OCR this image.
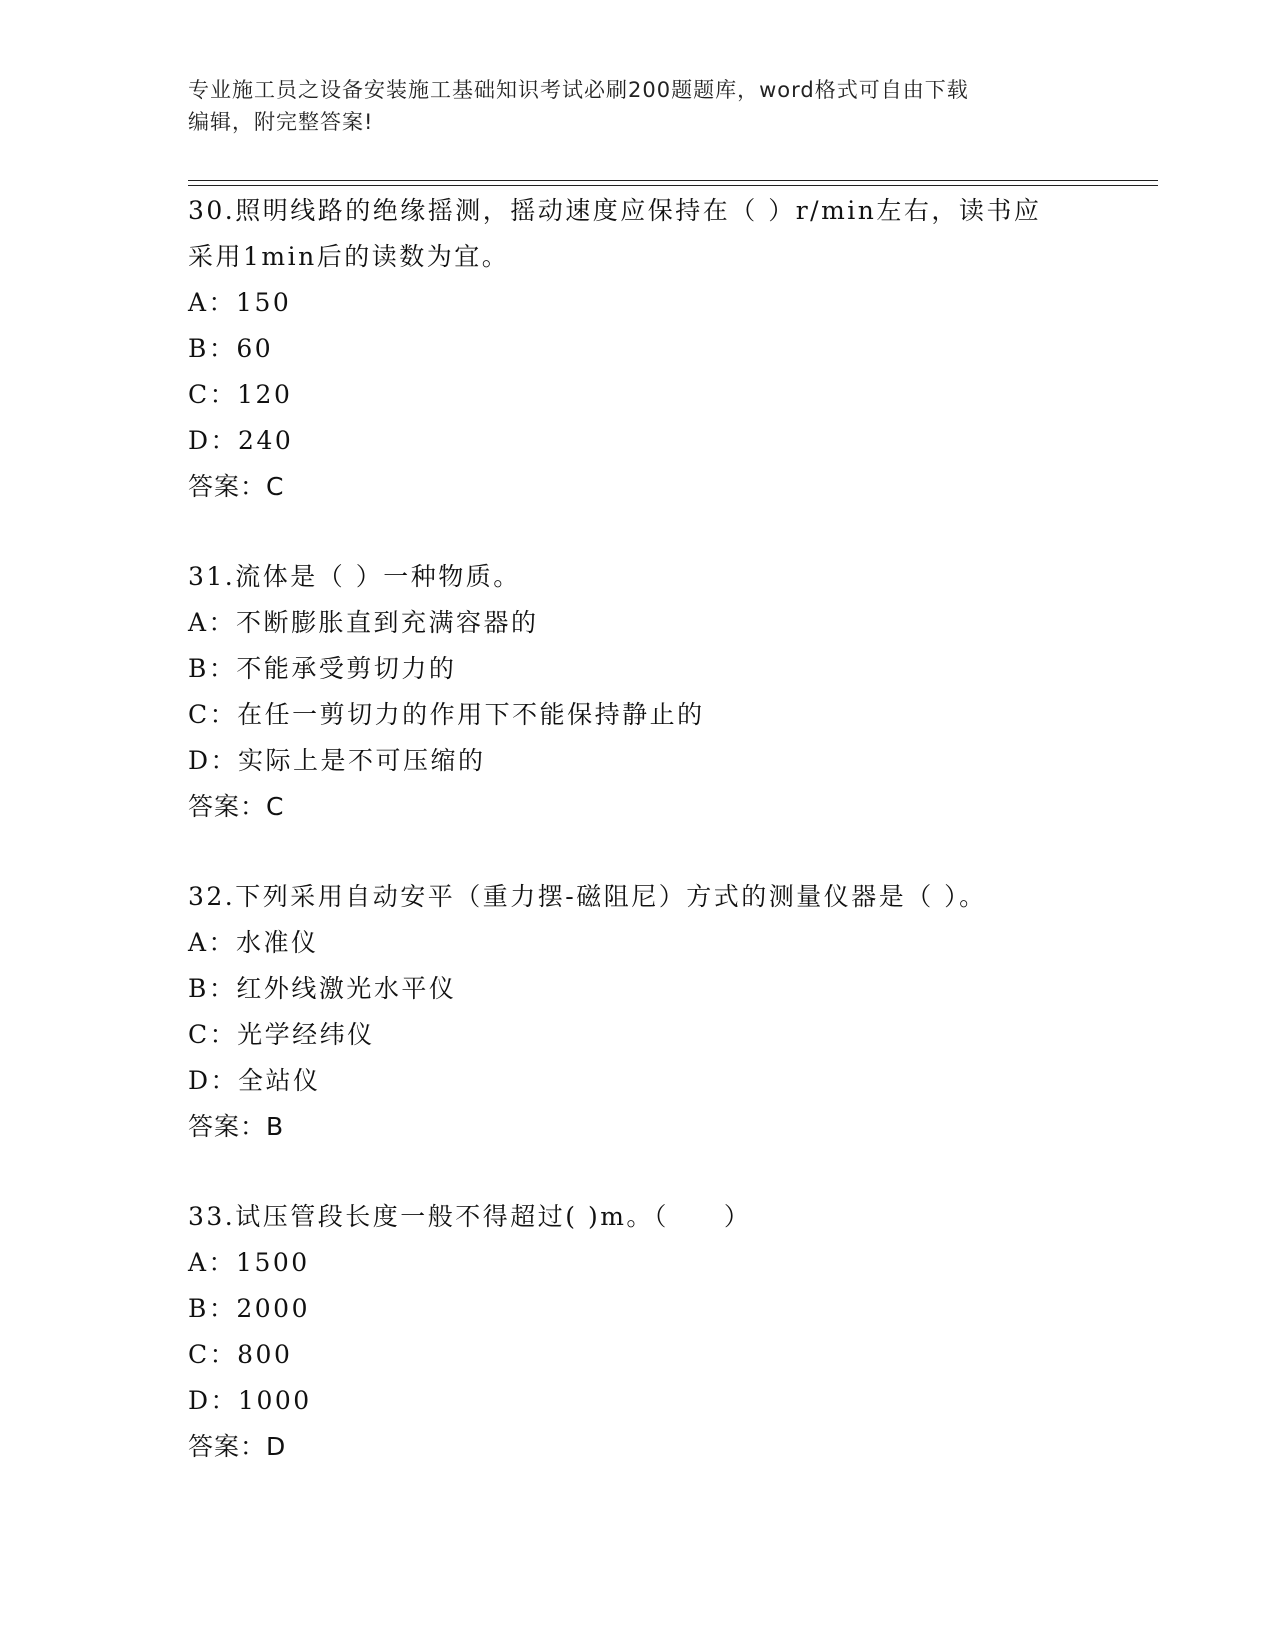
专业施工员之设备安装施工基础知识考试必刷200题题库，word格式可自由下载
编辑，附完整答案!
30.照明线路的绝缘摇测，摇动速度应保持在（ ）r/min左右，读书应
采用1min后的读数为宜。
A：150
B：60
C：120
D：240
答案：C
31.流体是（ ）一种物质。
A：不断膨胀直到充满容器的
B：不能承受剪切力的
C：在任一剪切力的作用下不能保持静止的
D：实际上是不可压缩的
答案：C
32.下列采用自动安平（重力摆-磁阻尼）方式的测量仪器是（ ）。
A：水准仪
B：红外线激光水平仪
C：光学经纬仪
D：全站仪
答案：B
33.试压管段长度一般不得超过( )m。（　　）
A：1500
B：2000
C：800
D：1000
答案：D
